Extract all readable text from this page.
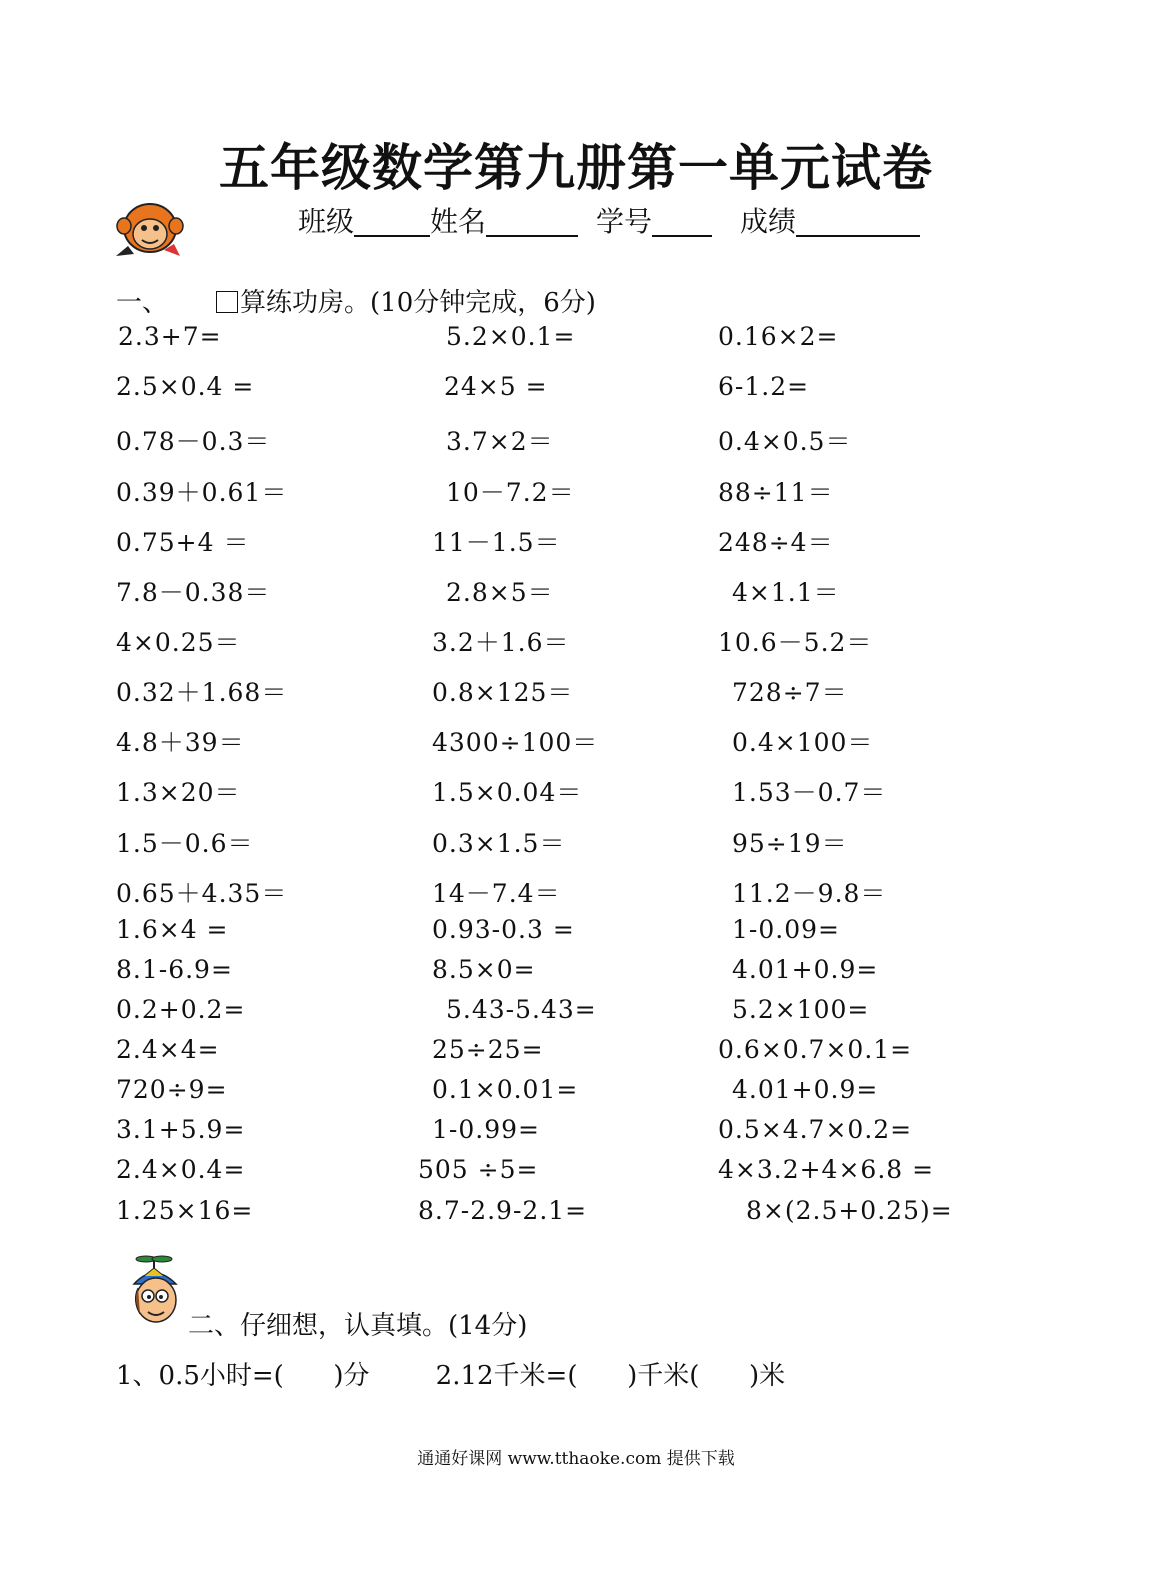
五年级数学第九册第一单元试卷
班级	姓名	学号	成绩
一、	算练功房。(10分钟完成，6分)
2.3+7=	5.2×0.1=	0.16×2=
2.5×0.4 =	24×5 =	6-1.2=
0.78－0.3＝	3.7×2＝	0.4×0.5＝
0.39＋0.61＝	10－7.2＝	88÷11＝
0.75+4 ＝	11－1.5＝	248÷4＝
7.8－0.38＝	2.8×5＝	4×1.1＝
4×0.25＝	3.2＋1.6＝	10.6－5.2＝
0.32＋1.68＝	0.8×125＝	728÷7＝
4.8＋39＝	4300÷100＝	0.4×100＝
1.3×20＝	1.5×0.04＝	1.53－0.7＝
1.5－0.6＝	0.3×1.5＝	95÷19＝
0.65＋4.35＝	14－7.4＝	11.2－9.8＝
1.6×4 =	0.93-0.3 =	1-0.09=
8.1-6.9=	8.5×0=	4.01+0.9=
0.2+0.2=	5.43-5.43=	5.2×100=
2.4×4=	25÷25=	0.6×0.7×0.1=
720÷9=	0.1×0.01=	4.01+0.9=
3.1+5.9=	1-0.99=	0.5×4.7×0.2=
2.4×0.4=	505 ÷5=	4×3.2+4×6.8 =
1.25×16=	8.7-2.9-2.1=	8×(2.5+0.25)=
二、仔细想，认真填。(14分)
1、0.5小时=(      )分        2.12千米=(      )千米(      )米
通通好课网 www.tthaoke.com 提供下载
